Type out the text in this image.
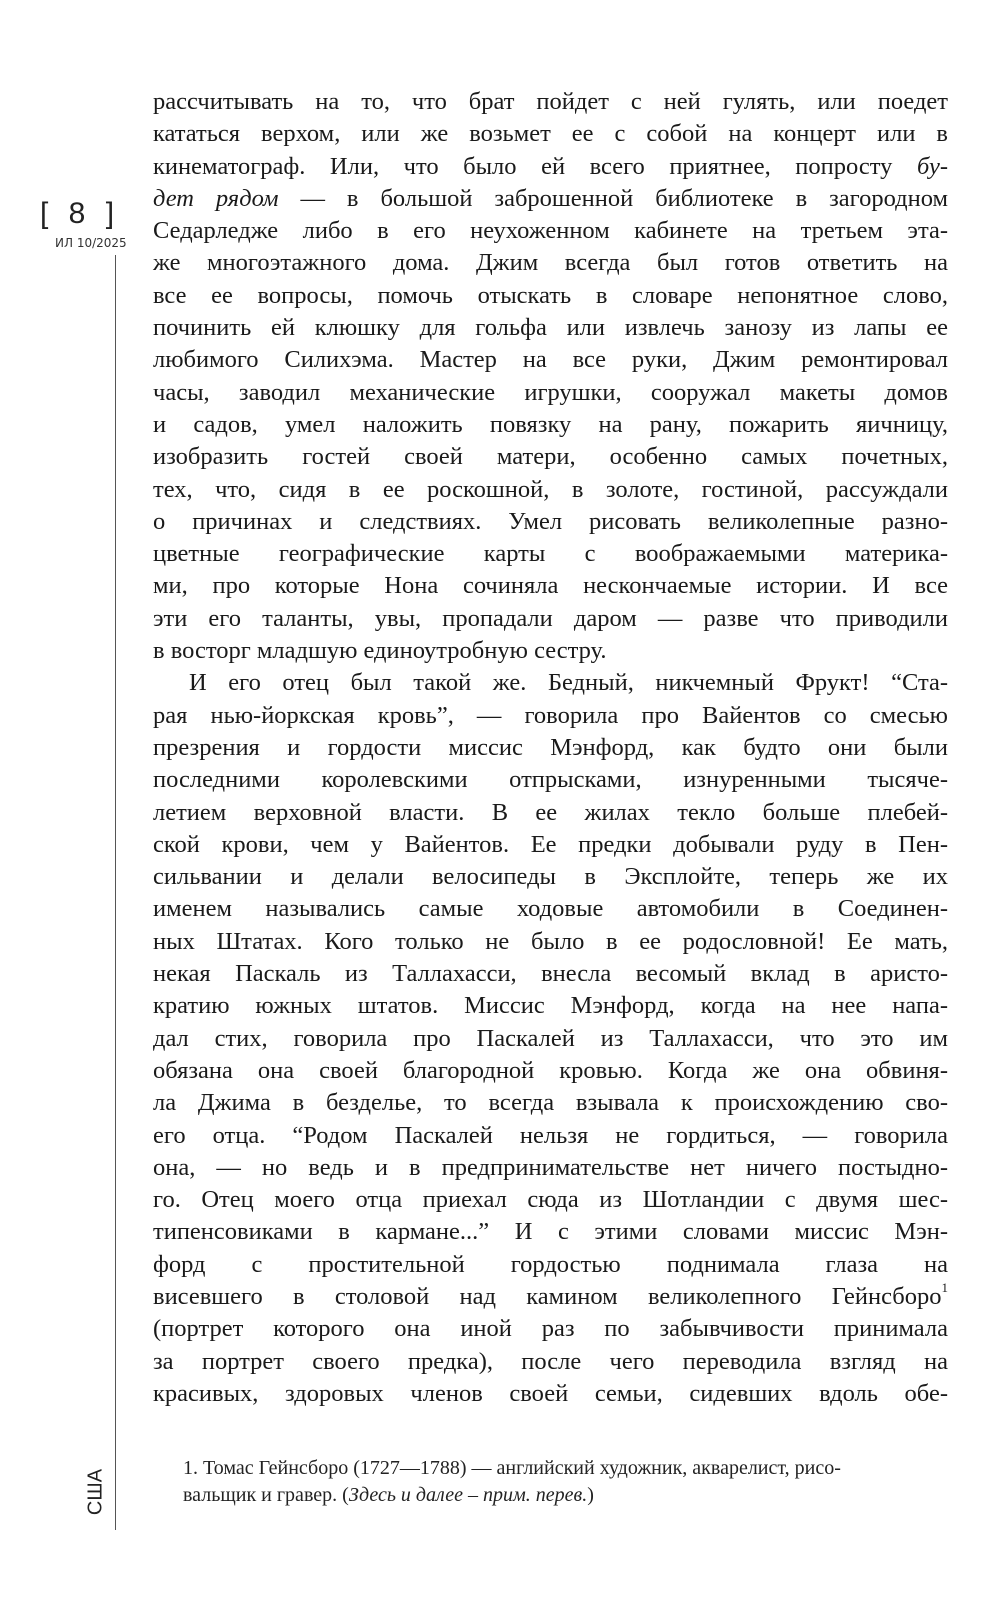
[ 8 ]
ИЛ 10/2025
США
рассчитывать на то, что брат пойдет с ней гулять, или поедет
кататься верхом, или же возьмет ее с собой на концерт или в
кинематограф. Или, что было ей всего приятнее, попросту бу-
дет рядом — в большой заброшенной библиотеке в загородном
Седарледже либо в его неухоженном кабинете на третьем эта-
же многоэтажного дома. Джим всегда был готов ответить на
все ее вопросы, помочь отыскать в словаре непонятное слово,
починить ей клюшку для гольфа или извлечь занозу из лапы ее
любимого Силихэма. Мастер на все руки, Джим ремонтировал
часы, заводил механические игрушки, сооружал макеты домов
и садов, умел наложить повязку на рану, пожарить яичницу,
изобразить гостей своей матери, особенно самых почетных,
тех, что, сидя в ее роскошной, в золоте, гостиной, рассуждали
о причинах и следствиях. Умел рисовать великолепные разно-
цветные географические карты с воображаемыми материка-
ми, про которые Нона сочиняла нескончаемые истории. И все
эти его таланты, увы, пропадали даром — разве что приводили
в восторг младшую единоутробную сестру.
И его отец был такой же. Бедный, никчемный Фрукт! “Ста-
рая нью-йоркская кровь”, — говорила про Вайентов со смесью
презрения и гордости миссис Мэнфорд, как будто они были
последними королевскими отпрысками, изнуренными тысяче-
летием верховной власти. В ее жилах текло больше плебей-
ской крови, чем у Вайентов. Ее предки добывали руду в Пен-
сильвании и делали велосипеды в Эксплойте, теперь же их
именем назывались самые ходовые автомобили в Соединен-
ных Штатах. Кого только не было в ее родословной! Ее мать,
некая Паскаль из Таллахасси, внесла весомый вклад в аристо-
кратию южных штатов. Миссис Мэнфорд, когда на нее напа-
дал стих, говорила про Паскалей из Таллахасси, что это им
обязана она своей благородной кровью. Когда же она обвиня-
ла Джима в безделье, то всегда взывала к происхождению сво-
его отца. “Родом Паскалей нельзя не гордиться, — говорила
она, — но ведь и в предпринимательстве нет ничего постыдно-
го. Отец моего отца приехал сюда из Шотландии с двумя шес-
типенсовиками в кармане...” И с этими словами миссис Мэн-
форд с простительной гордостью поднимала глаза на
висевшего в столовой над камином великолепного Гейнсборо$^1$
(портрет которого она иной раз по забывчивости принимала
за портрет своего предка), после чего переводила взгляд на
красивых, здоровых членов своей семьи, сидевших вдоль обе-
1. Томас Гейнсборо (1727—1788) — английский художник, акварелист, рисо-
вальщик и гравер. (Здесь и далее – прим. перев.)
